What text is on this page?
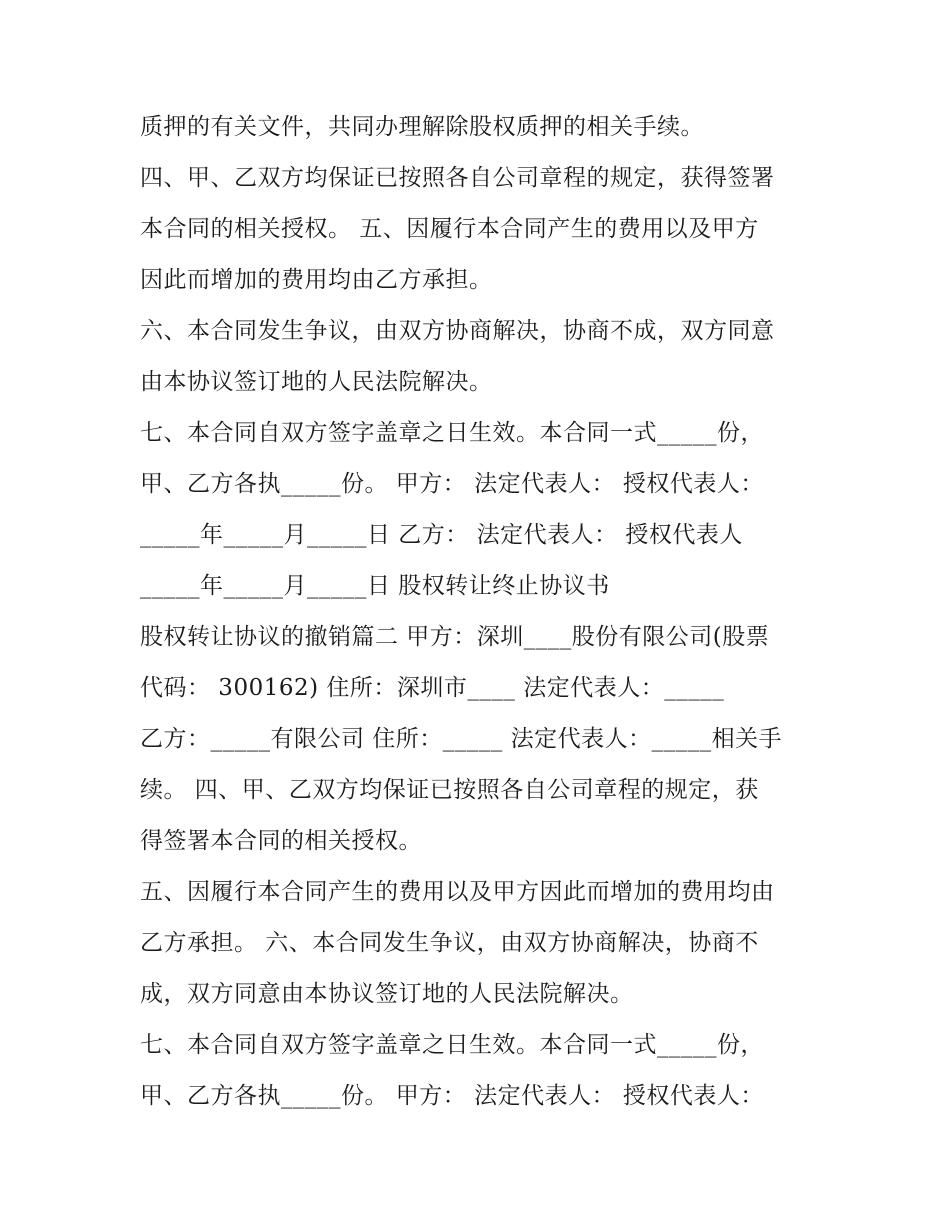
质押的有关文件，共同办理解除股权质押的相关手续。
四、甲、乙双方均保证已按照各自公司章程的规定，获得签署
本合同的相关授权。 五、因履行本合同产生的费用以及甲方
因此而增加的费用均由乙方承担。
六、本合同发生争议，由双方协商解决，协商不成，双方同意
由本协议签订地的人民法院解决。
七、本合同自双方签字盖章之日生效。本合同一式_____份，
甲、乙方各执_____份。 甲方： 法定代表人： 授权代表人：
_____年_____月_____日 乙方： 法定代表人： 授权代表人
_____年_____月_____日 股权转让终止协议书
股权转让协议的撤销篇二 甲方：深圳____股份有限公司(股票
代码： 300162) 住所：深圳市____ 法定代表人：_____
乙方：_____有限公司 住所：_____ 法定代表人：_____相关手
续。 四、甲、乙双方均保证已按照各自公司章程的规定，获
得签署本合同的相关授权。
五、因履行本合同产生的费用以及甲方因此而增加的费用均由
乙方承担。 六、本合同发生争议，由双方协商解决，协商不
成，双方同意由本协议签订地的人民法院解决。
七、本合同自双方签字盖章之日生效。本合同一式_____份，
甲、乙方各执_____份。 甲方： 法定代表人： 授权代表人：
